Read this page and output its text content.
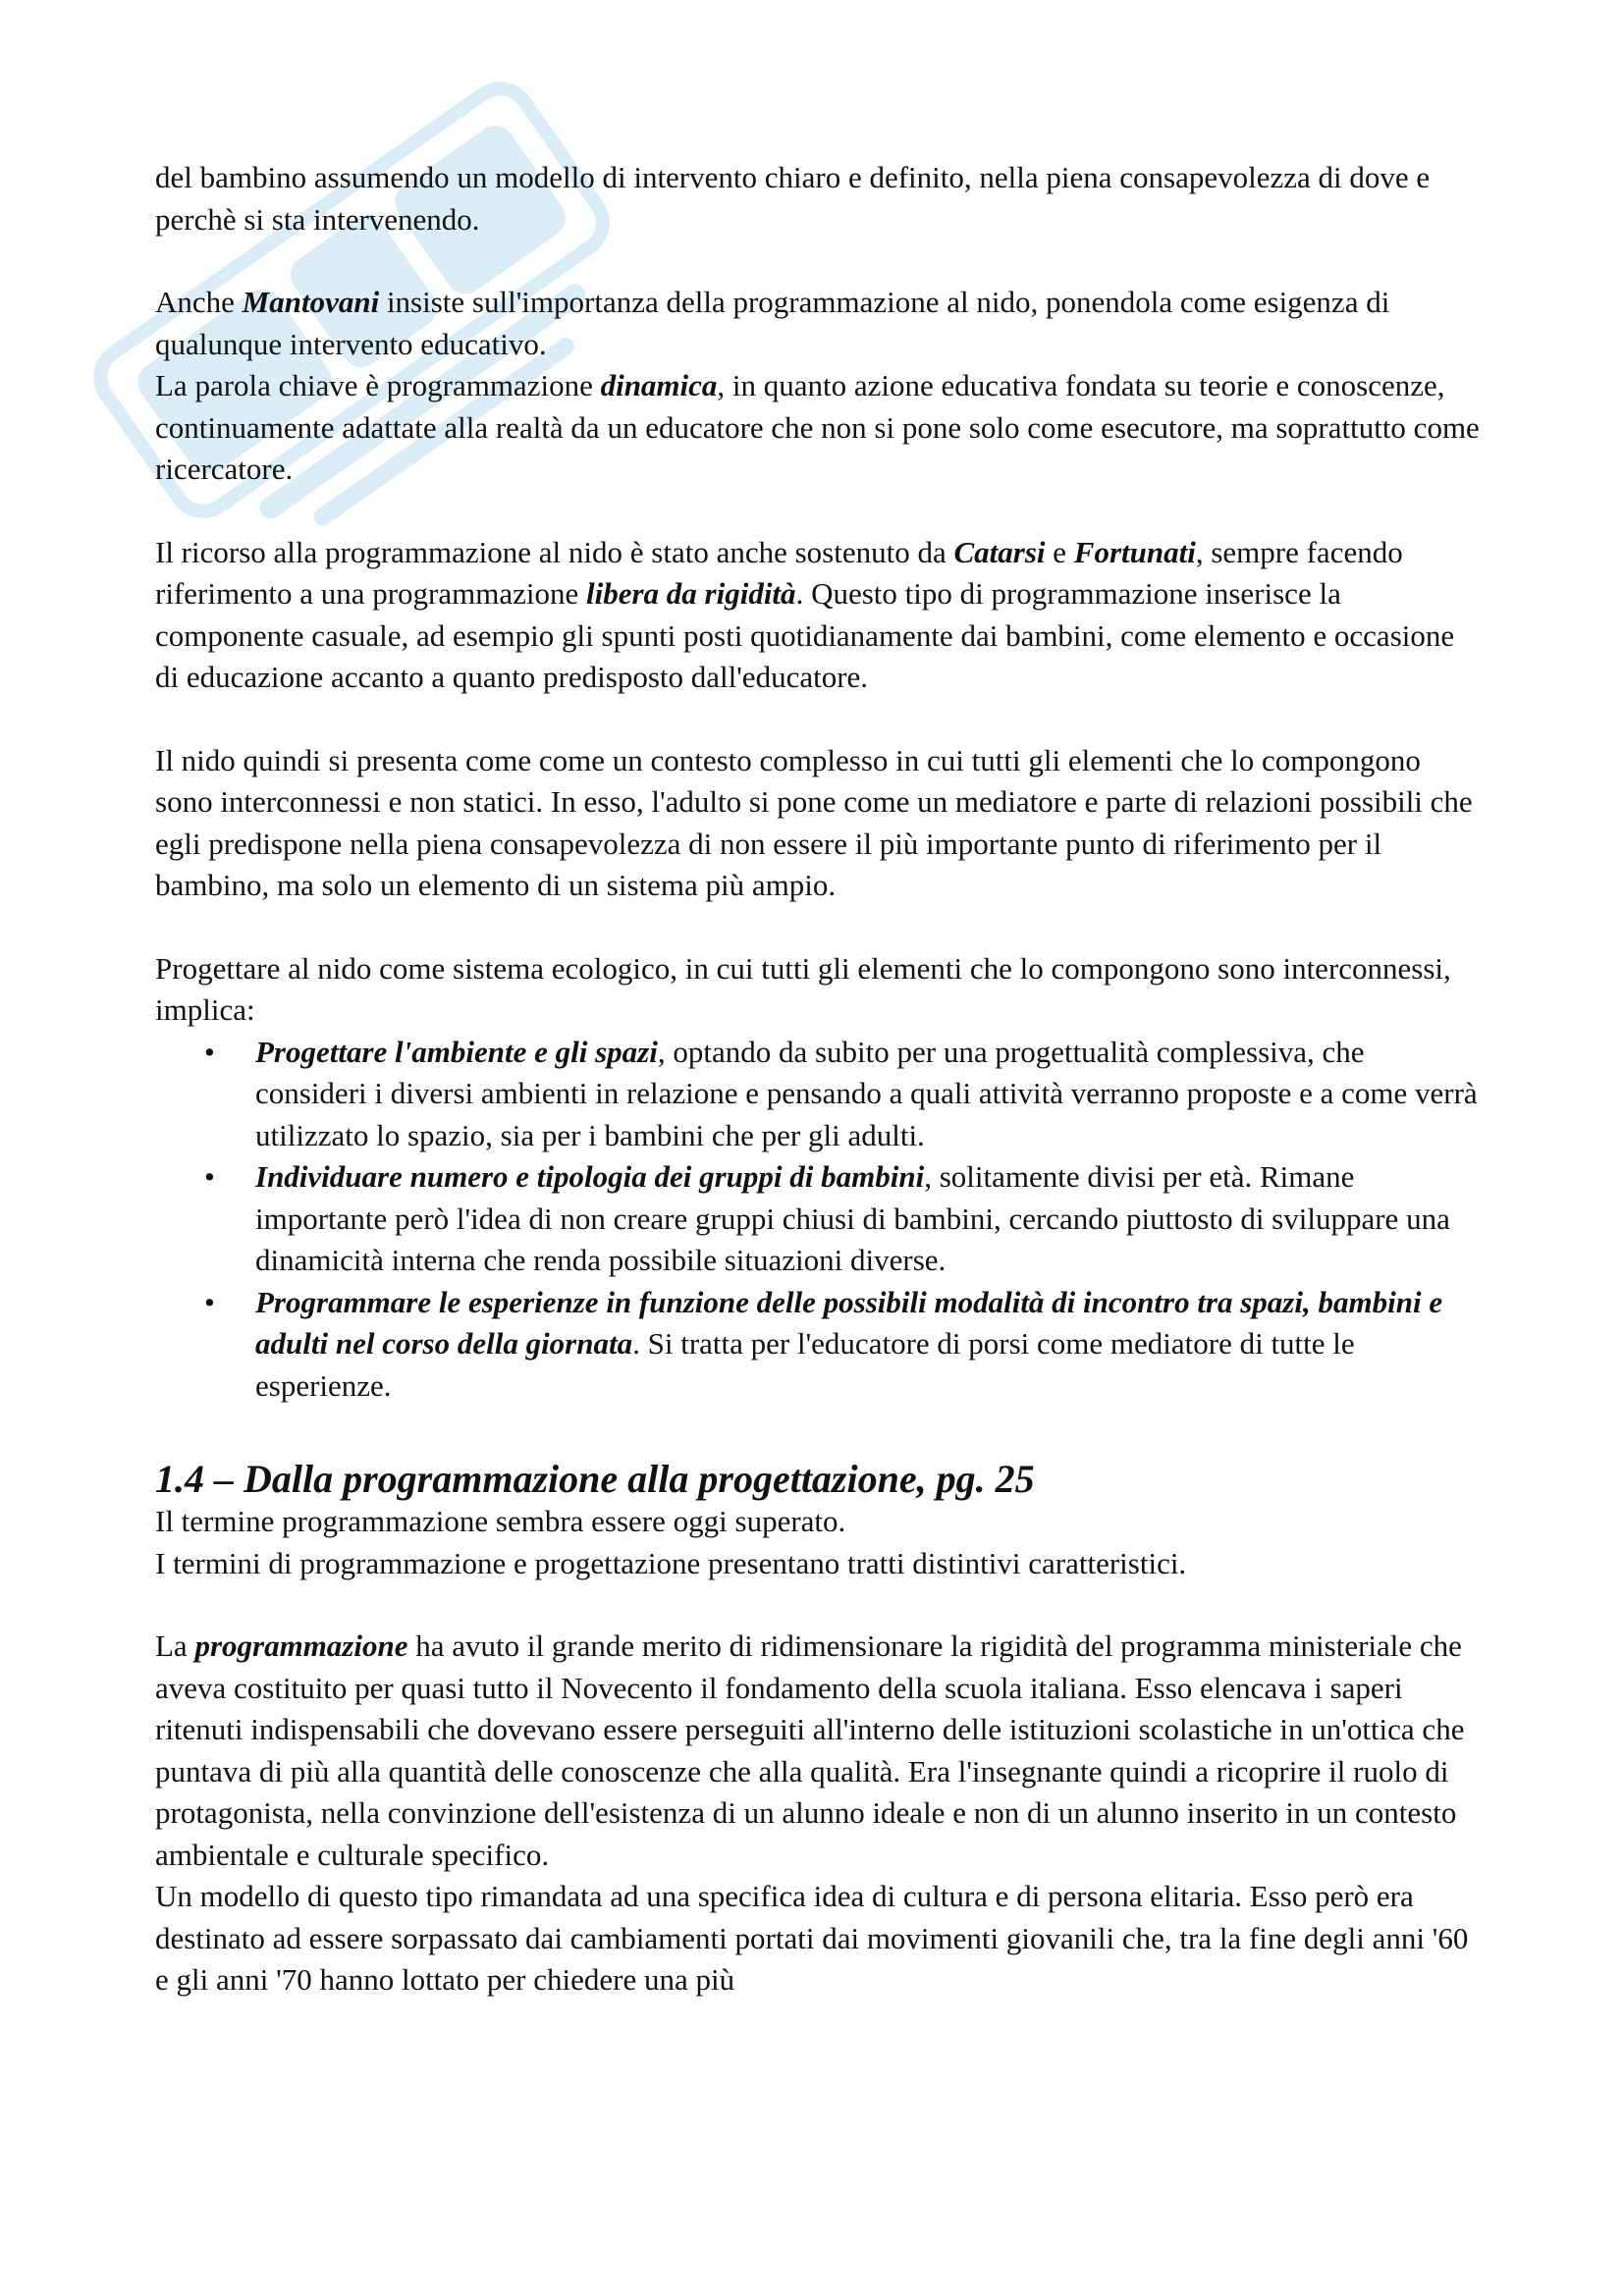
del bambino assumendo un modello di intervento chiaro e definito, nella piena consapevolezza di dove e perchè si sta intervenendo.

Anche Mantovani insiste sull'importanza della programmazione al nido, ponendola come esigenza di qualunque intervento educativo.

La parola chiave è programmazione dinamica, in quanto azione educativa fondata su teorie e conoscenze, continuamente adattate alla realtà da un educatore che non si pone solo come esecutore, ma soprattutto come ricercatore.

Il ricorso alla programmazione al nido è stato anche sostenuto da Catarsi e Fortunati, sempre facendo riferimento a una programmazione libera da rigidità. Questo tipo di programmazione inserisce la componente casuale, ad esempio gli spunti posti quotidianamente dai bambini, come elemento e occasione di educazione accanto a quanto predisposto dall'educatore.

Il nido quindi si presenta come come un contesto complesso in cui tutti gli elementi che lo compongono sono interconnessi e non statici. In esso, l'adulto si pone come un mediatore e parte di relazioni possibili che egli predispone nella piena consapevolezza di non essere il più importante punto di riferimento per il bambino, ma solo un elemento di un sistema più ampio.

Progettare al nido come sistema ecologico, in cui tutti gli elementi che lo compongono sono interconnessi, implica:

• Progettare l'ambiente e gli spazi, optando da subito per una progettualità complessiva, che consideri i diversi ambienti in relazione e pensando a quali attività verranno proposte e a come verrà utilizzato lo spazio, sia per i bambini che per gli adulti.
• Individuare numero e tipologia dei gruppi di bambini, solitamente divisi per età. Rimane importante però l'idea di non creare gruppi chiusi di bambini, cercando piuttosto di sviluppare una dinamicità interna che renda possibile situazioni diverse.
• Programmare le esperienze in funzione delle possibili modalità di incontro tra spazi, bambini e adulti nel corso della giornata. Si tratta per l'educatore di porsi come mediatore di tutte le esperienze.
1.4 – Dalla programmazione alla progettazione, pg. 25

Il termine programmazione sembra essere oggi superato.

I termini di programmazione e progettazione presentano tratti distintivi caratteristici.

La programmazione ha avuto il grande merito di ridimensionare la rigidità del programma ministeriale che aveva costituito per quasi tutto il Novecento il fondamento della scuola italiana. Esso elencava i saperi ritenuti indispensabili che dovevano essere perseguiti all'interno delle istituzioni scolastiche in un'ottica che puntava di più alla quantità delle conoscenze che alla qualità. Era l'insegnante quindi a ricoprire il ruolo di protagonista, nella convinzione dell'esistenza di un alunno ideale e non di un alunno inserito in un contesto ambientale e culturale specifico.

Un modello di questo tipo rimandata ad una specifica idea di cultura e di persona elitaria. Esso però era destinato ad essere sorpassato dai cambiamenti portati dai movimenti giovanili che, tra la fine degli anni '60 e gli anni '70 hanno lottato per chiedere una più
